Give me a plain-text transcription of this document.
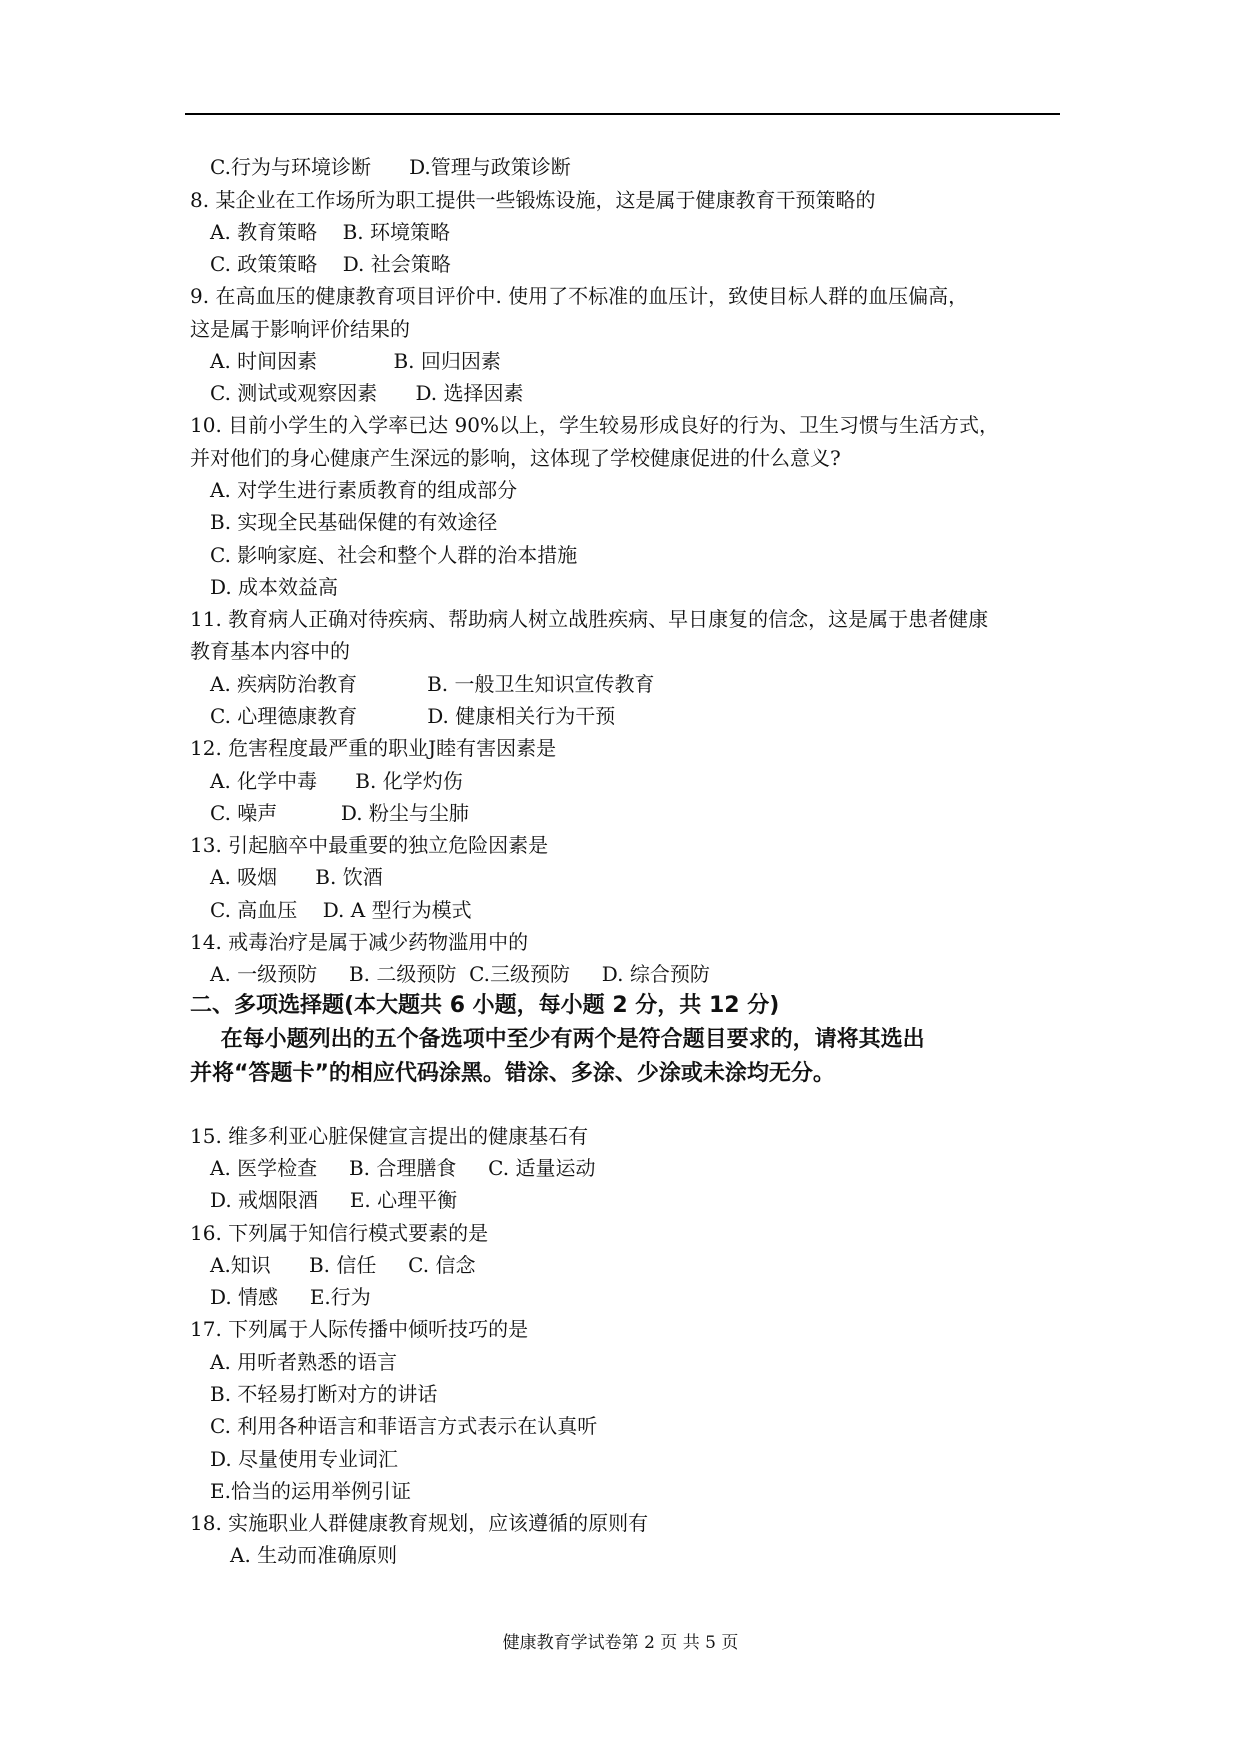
C.行为与环境诊断      D.管理与政策诊断
8. 某企业在工作场所为职工提供一些锻炼设施，这是属于健康教育干预策略的
A. 教育策略    B. 环境策略
C. 政策策略    D. 社会策略
9. 在高血压的健康教育项目评价中. 使用了不标准的血压计，致使目标人群的血压偏高，
这是属于影响评价结果的
A. 时间因素            B. 回归因素
C. 测试或观察因素      D. 选择因素
10. 目前小学生的入学率已达 90%以上，学生较易形成良好的行为、卫生习惯与生活方式，
并对他们的身心健康产生深远的影响，这体现了学校健康促进的什么意义?
A. 对学生进行素质教育的组成部分
B. 实现全民基础保健的有效途径
C. 影响家庭、社会和整个人群的治本措施
D. 成本效益高
11. 教育病人正确对待疾病、帮助病人树立战胜疾病、早日康复的信念，这是属于患者健康
教育基本内容中的
A. 疾病防治教育           B. 一般卫生知识宣传教育
C. 心理德康教育           D. 健康相关行为干预
12. 危害程度最严重的职业J睦有害因素是
A. 化学中毒      B. 化学灼伤
C. 噪声          D. 粉尘与尘肺
13. 引起脑卒中最重要的独立危险因素是
A. 吸烟      B. 饮酒
C. 高血压    D. A 型行为模式
14. 戒毒治疗是属于减少药物滥用中的
A. 一级预防     B. 二级预防  C.三级预防     D. 综合预防
二、多项选择题(本大题共 6 小题，每小题 2 分，共 12 分)
在每小题列出的五个备选项中至少有两个是符合题目要求的，请将其选出
并将“答题卡”的相应代码涂黑。错涂、多涂、少涂或未涂均无分。
15. 维多利亚心脏保健宣言提出的健康基石有
A. 医学检查     B. 合理膳食     C. 适量运动
D. 戒烟限酒     E. 心理平衡
16. 下列属于知信行模式要素的是
A.知识      B. 信任     C. 信念
D. 情感     E.行为
17. 下列属于人际传播中倾听技巧的是
A. 用听者熟悉的语言
B. 不轻易打断对方的讲话
C. 利用各种语言和菲语言方式表示在认真听
D. 尽量使用专业词汇
E.恰当的运用举例引证
18. 实施职业人群健康教育规划，应该遵循的原则有
A. 生动而准确原则
健康教育学试卷第 2 页 共 5 页
